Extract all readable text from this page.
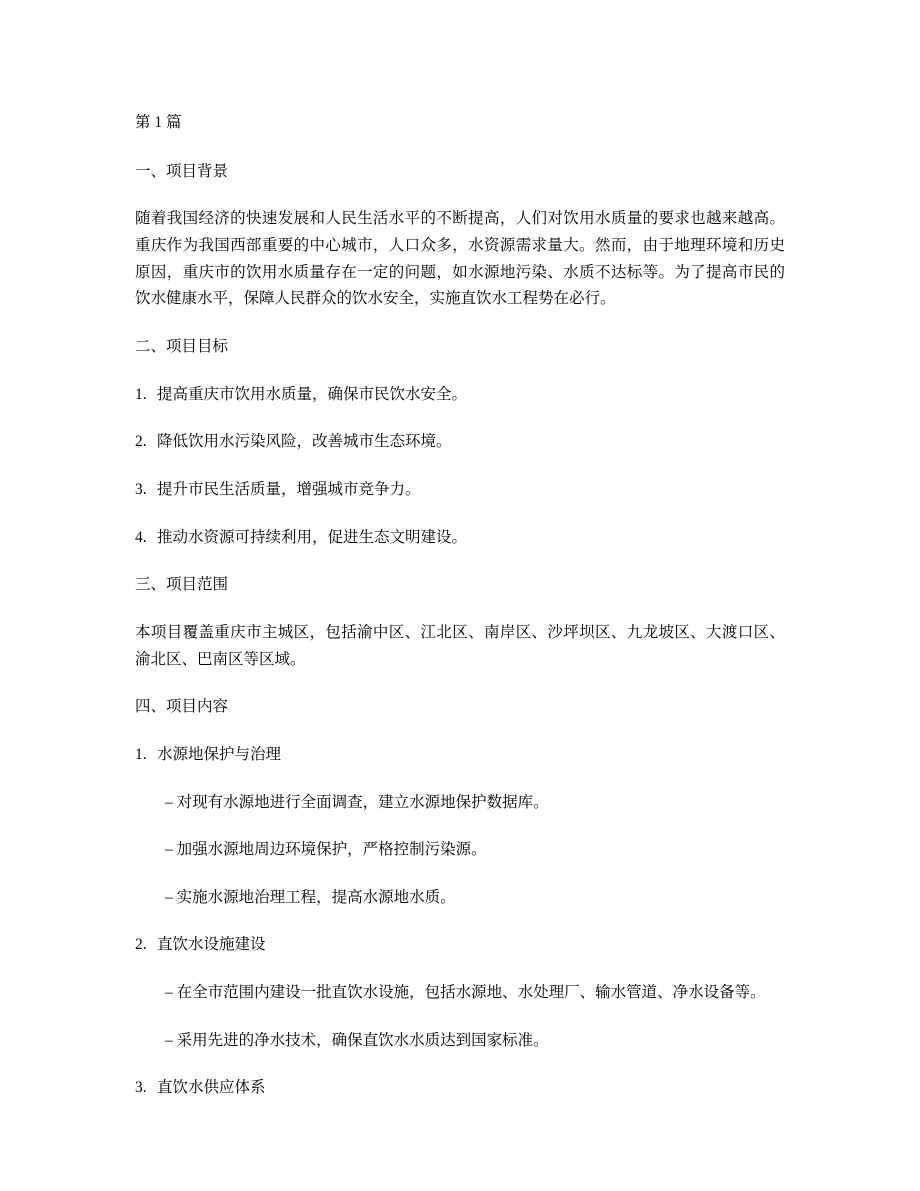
第 1 篇

一、项目背景

随着我国经济的快速发展和人民生活水平的不断提高，人们对饮用水质量的要求也越来越高。重庆作为我国西部重要的中心城市，人口众多，水资源需求量大。然而，由于地理环境和历史原因，重庆市的饮用水质量存在一定的问题，如水源地污染、水质不达标等。为了提高市民的饮水健康水平，保障人民群众的饮水安全，实施直饮水工程势在必行。

二、项目目标

1. 提高重庆市饮用水质量，确保市民饮水安全。

2. 降低饮用水污染风险，改善城市生态环境。

3. 提升市民生活质量，增强城市竞争力。

4. 推动水资源可持续利用，促进生态文明建设。

三、项目范围

本项目覆盖重庆市主城区，包括渝中区、江北区、南岸区、沙坪坝区、九龙坡区、大渡口区、渝北区、巴南区等区域。

四、项目内容

1. 水源地保护与治理

– 对现有水源地进行全面调查，建立水源地保护数据库。

– 加强水源地周边环境保护，严格控制污染源。

– 实施水源地治理工程，提高水源地水质。

2. 直饮水设施建设

– 在全市范围内建设一批直饮水设施，包括水源地、水处理厂、输水管道、净水设备等。

– 采用先进的净水技术，确保直饮水水质达到国家标准。

3. 直饮水供应体系
